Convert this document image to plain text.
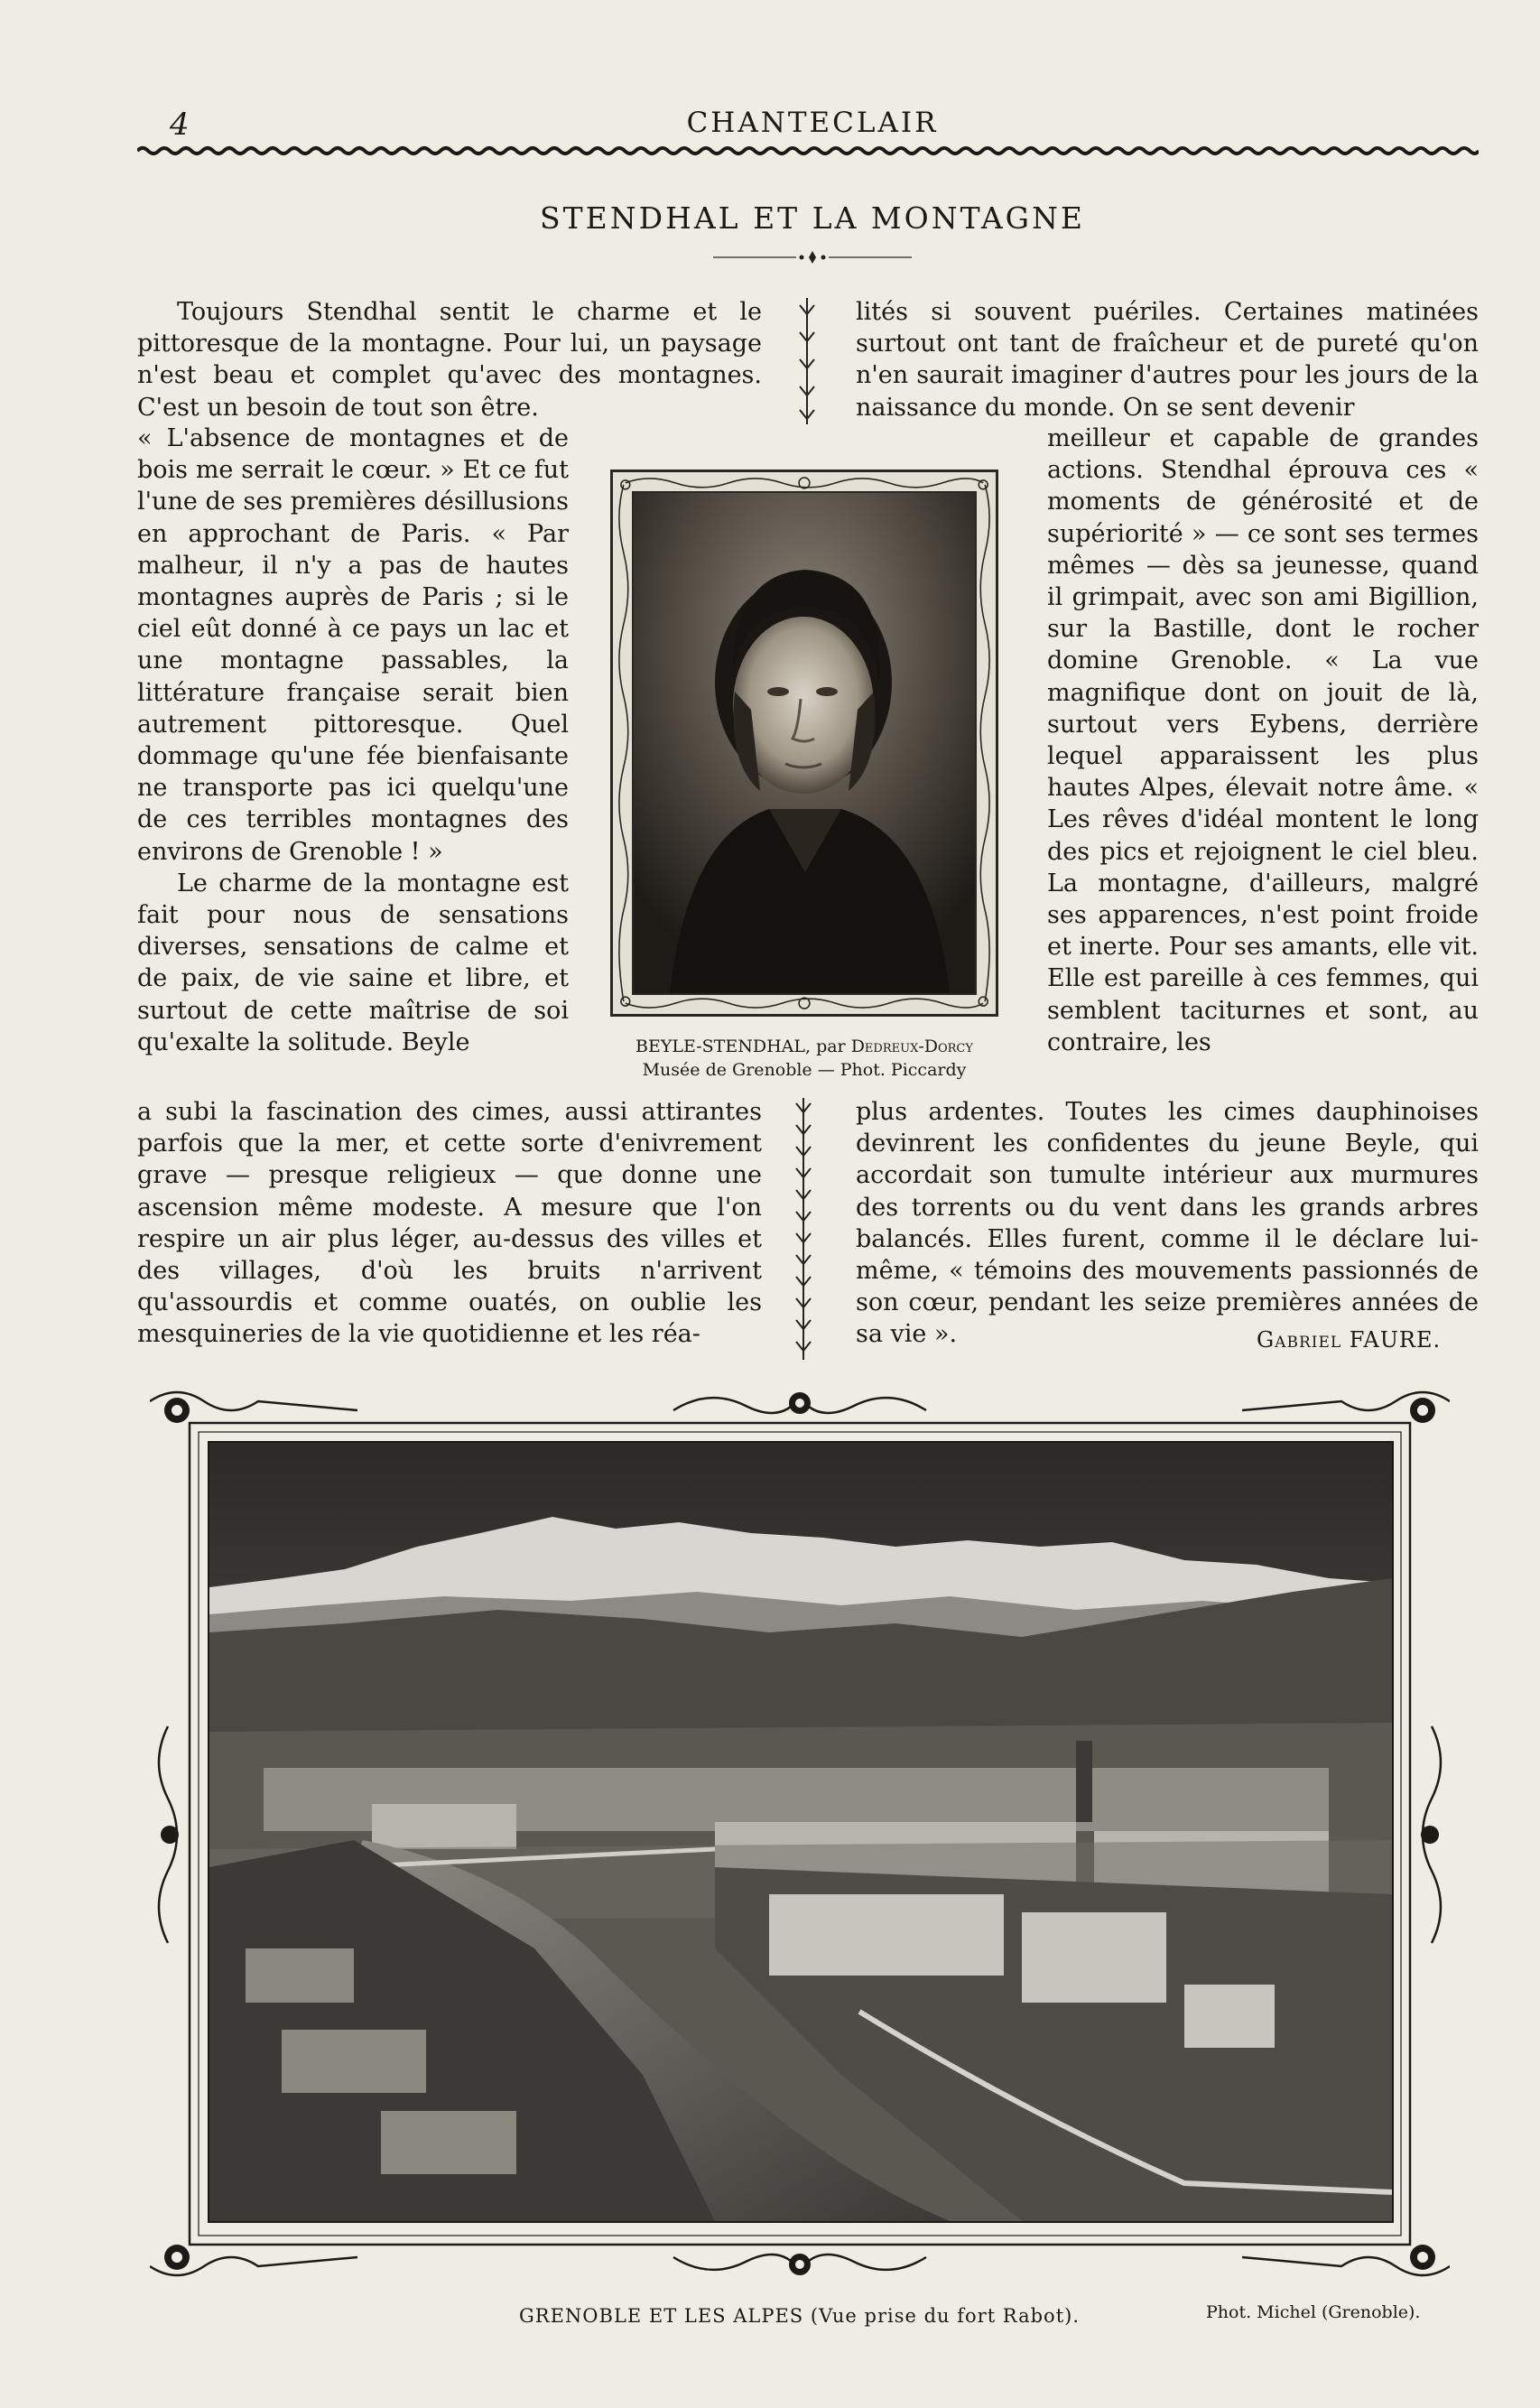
4	CHANTECLAIR
STENDHAL ET LA MONTAGNE

Toujours Stendhal sentit le charme et le pittoresque de la montagne. Pour lui, un paysage n'est beau et complet qu'avec des montagnes. C'est un besoin de tout son être.

« L'absence de montagnes et de bois me serrait le cœur. » Et ce fut l'une de ses premières désillusions en approchant de Paris. « Par malheur, il n'y a pas de hautes montagnes auprès de Paris ; si le ciel eût donné à ce pays un lac et une montagne passables, la littérature française serait bien autrement pittoresque. Quel dommage qu'une fée bienfaisante ne transporte pas ici quelqu'une de ces terribles montagnes des environs de Grenoble ! »

Le charme de la montagne est fait pour nous de sensations diverses, sensations de calme et de paix, de vie saine et libre, et surtout de cette maîtrise de soi qu'exalte la solitude. Beyle

a subi la fascination des cimes, aussi attirantes parfois que la mer, et cette sorte d'enivrement grave — presque religieux — que donne une ascension même modeste. A mesure que l'on respire un air plus léger, au-dessus des villes et des villages, d'où les bruits n'arrivent qu'assourdis et comme ouatés, on oublie les mesquineries de la vie quotidienne et les réa-

lités si souvent puériles. Certaines matinées surtout ont tant de fraîcheur et de pureté qu'on n'en saurait imaginer d'autres pour les jours de la naissance du monde. On se sent devenir

meilleur et capable de grandes actions. Stendhal éprouva ces « moments de générosité et de supériorité » — ce sont ses termes mêmes — dès sa jeunesse, quand il grimpait, avec son ami Bigillion, sur la Bastille, dont le rocher domine Grenoble. « La vue magnifique dont on jouit de là, surtout vers Eybens, derrière lequel apparaissent les plus hautes Alpes, élevait notre âme. « Les rêves d'idéal montent le long des pics et rejoignent le ciel bleu. La montagne, d'ailleurs, malgré ses apparences, n'est point froide et inerte. Pour ses amants, elle vit. Elle est pareille à ces femmes, qui semblent taciturnes et sont, au contraire, les

plus ardentes. Toutes les cimes dauphinoises devinrent les confidentes du jeune Beyle, qui accordait son tumulte intérieur aux murmures des torrents ou du vent dans les grands arbres balancés. Elles furent, comme il le déclare lui-même, « témoins des mouvements passionnés de son cœur, pendant les seize premières années de sa vie ».	Gabriel FAURE.
BEYLE-STENDHAL, par Dedreux-Dorcy
Musée de Grenoble — Phot. Piccardy
GRENOBLE ET LES ALPES (Vue prise du fort Rabot).	Phot. Michel (Grenoble).
